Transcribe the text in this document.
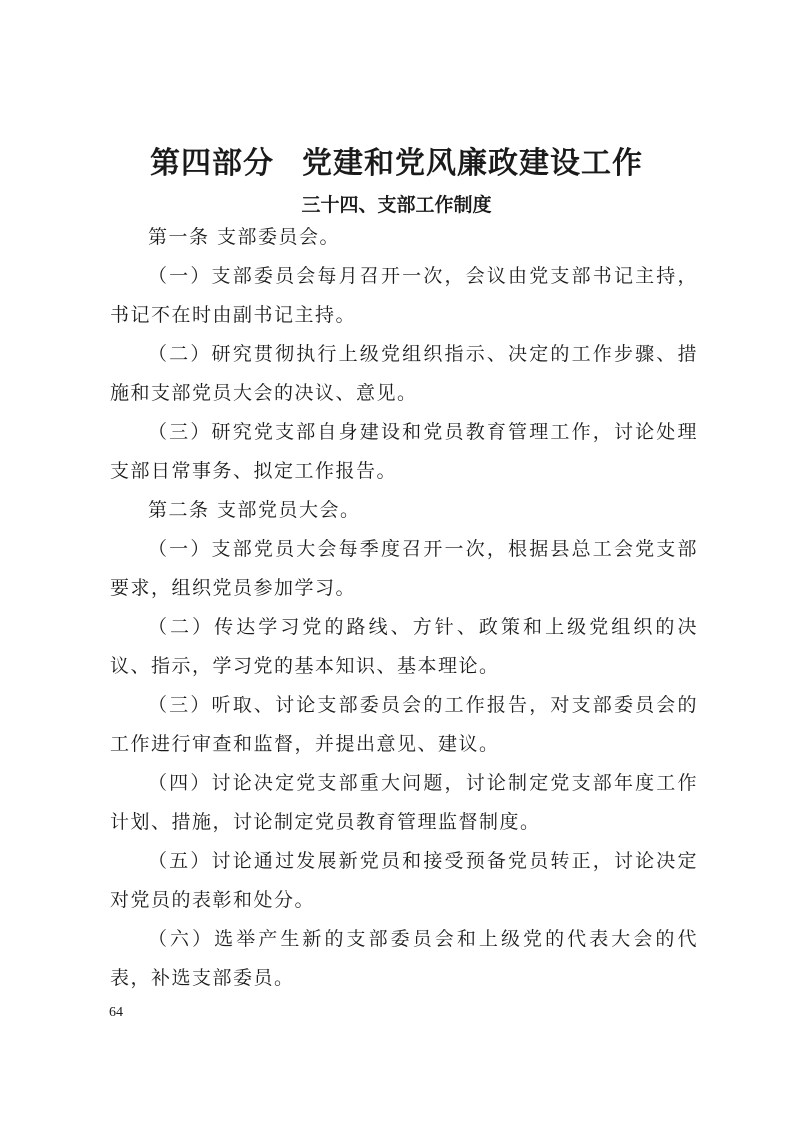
第四部分 党建和党风廉政建设工作
三十四、支部工作制度

第一条 支部委员会。

（一）支部委员会每月召开一次，会议由党支部书记主持，书记不在时由副书记主持。

（二）研究贯彻执行上级党组织指示、决定的工作步骤、措施和支部党员大会的决议、意见。

（三）研究党支部自身建设和党员教育管理工作，讨论处理支部日常事务、拟定工作报告。

第二条 支部党员大会。

（一）支部党员大会每季度召开一次，根据县总工会党支部要求，组织党员参加学习。

（二）传达学习党的路线、方针、政策和上级党组织的决议、指示，学习党的基本知识、基本理论。

（三）听取、讨论支部委员会的工作报告，对支部委员会的工作进行审查和监督，并提出意见、建议。

（四）讨论决定党支部重大问题，讨论制定党支部年度工作计划、措施，讨论制定党员教育管理监督制度。

（五）讨论通过发展新党员和接受预备党员转正，讨论决定对党员的表彰和处分。

（六）选举产生新的支部委员会和上级党的代表大会的代表，补选支部委员。

64
